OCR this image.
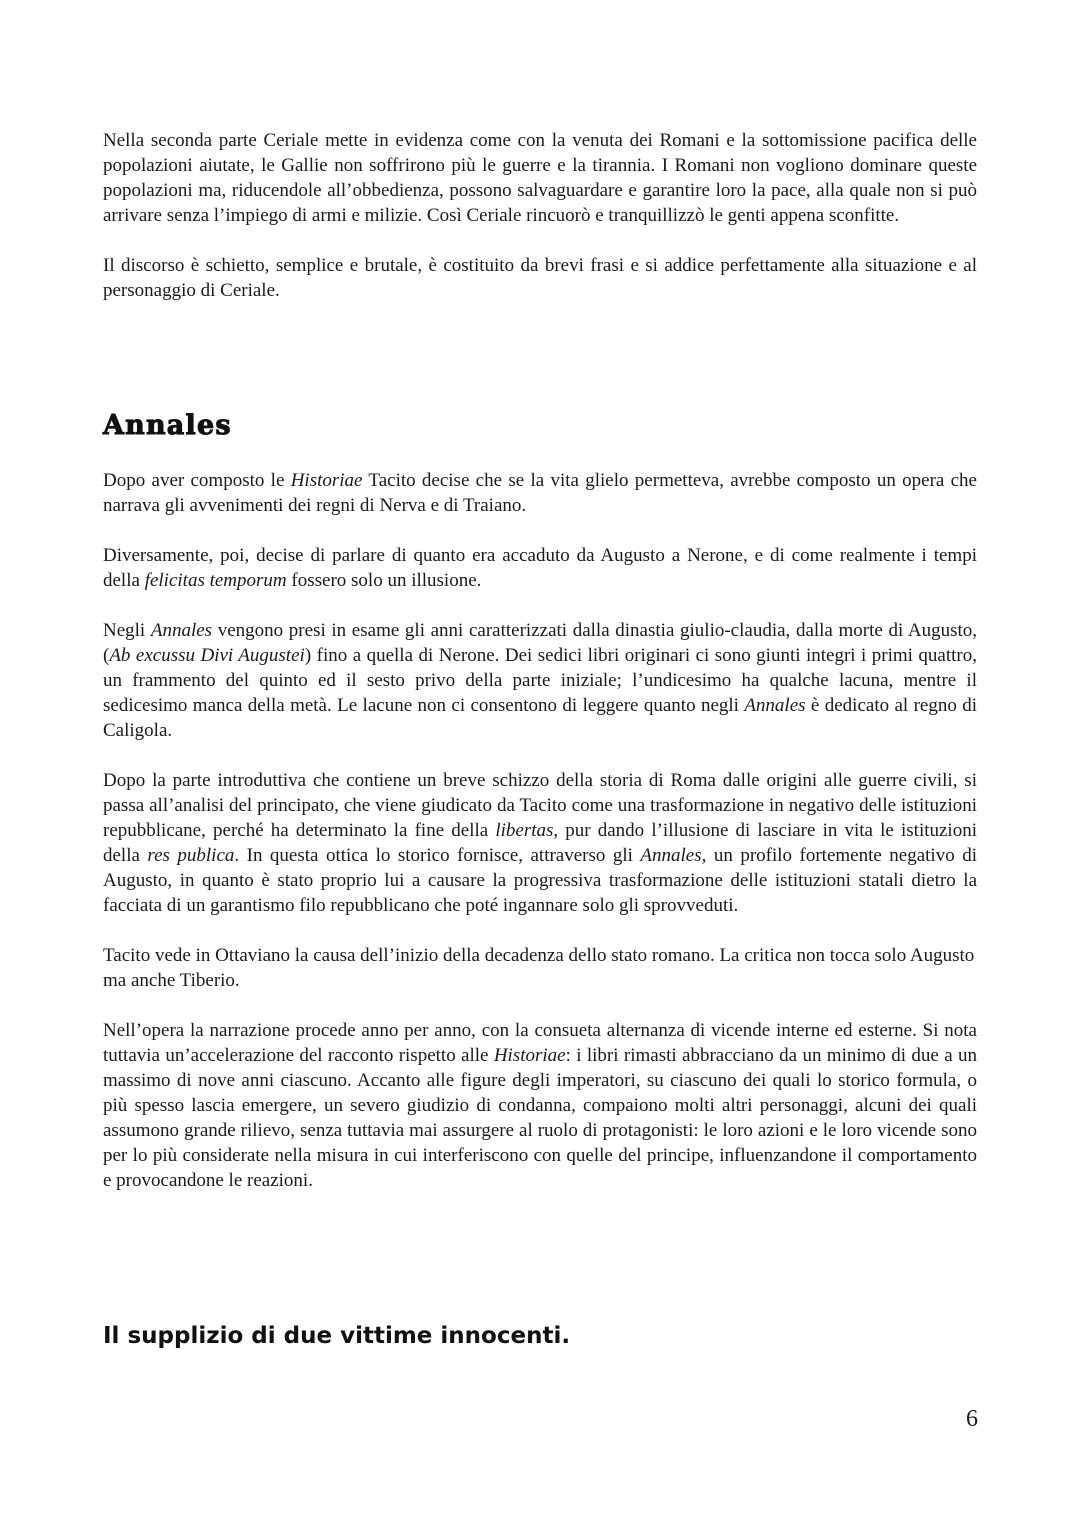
Nella seconda parte Ceriale mette in evidenza come con la venuta dei Romani e la sottomissione pacifica delle popolazioni aiutate, le Gallie non soffrirono più le guerre e la tirannia. I Romani non vogliono dominare queste popolazioni ma, riducendole all’obbedienza, possono salvaguardare e garantire loro la pace, alla quale non si può arrivare senza l’impiego di armi e milizie. Così Ceriale rincuorò e tranquillizzò le genti appena sconfitte.

Il discorso è schietto, semplice e brutale, è costituito da brevi frasi e si addice perfettamente alla situazione e al personaggio di Ceriale.

Annales

Dopo aver composto le Historiae Tacito decise che se la vita glielo permetteva, avrebbe composto un opera che narrava gli avvenimenti dei regni di Nerva e di Traiano.

Diversamente, poi, decise di parlare di quanto era accaduto da Augusto a Nerone, e di come realmente i tempi della felicitas temporum fossero solo un illusione.

Negli Annales vengono presi in esame gli anni caratterizzati dalla dinastia giulio-claudia, dalla morte di Augusto, (Ab excussu Divi Augustei) fino a quella di Nerone. Dei sedici libri originari ci sono giunti integri i primi quattro, un frammento del quinto ed il sesto privo della parte iniziale; l’undicesimo ha qualche lacuna, mentre il sedicesimo manca della metà. Le lacune non ci consentono di leggere quanto negli Annales è dedicato al regno di Caligola.

Dopo la parte introduttiva che contiene un breve schizzo della storia di Roma dalle origini alle guerre civili, si passa all’analisi del principato, che viene giudicato da Tacito come una trasformazione in negativo delle istituzioni repubblicane, perché ha determinato la fine della libertas, pur dando l’illusione di lasciare in vita le istituzioni della res publica. In questa ottica lo storico fornisce, attraverso gli Annales, un profilo fortemente negativo di Augusto, in quanto è stato proprio lui a causare la progressiva trasformazione delle istituzioni statali dietro la facciata di un garantismo filo repubblicano che poté ingannare solo gli sprovveduti.

Tacito vede in Ottaviano la causa dell’inizio della decadenza dello stato romano. La critica non tocca solo Augusto ma anche Tiberio.

Nell’opera la narrazione procede anno per anno, con la consueta alternanza di vicende interne ed esterne. Si nota tuttavia un’accelerazione del racconto rispetto alle Historiae: i libri rimasti abbracciano da un minimo di due a un massimo di nove anni ciascuno. Accanto alle figure degli imperatori, su ciascuno dei quali lo storico formula, o più spesso lascia emergere, un severo giudizio di condanna, compaiono molti altri personaggi, alcuni dei quali assumono grande rilievo, senza tuttavia mai assurgere al ruolo di protagonisti: le loro azioni e le loro vicende sono per lo più considerate nella misura in cui interferiscono con quelle del principe, influenzandone il comportamento e provocandone le reazioni.

Il supplizio di due vittime innocenti.
6
